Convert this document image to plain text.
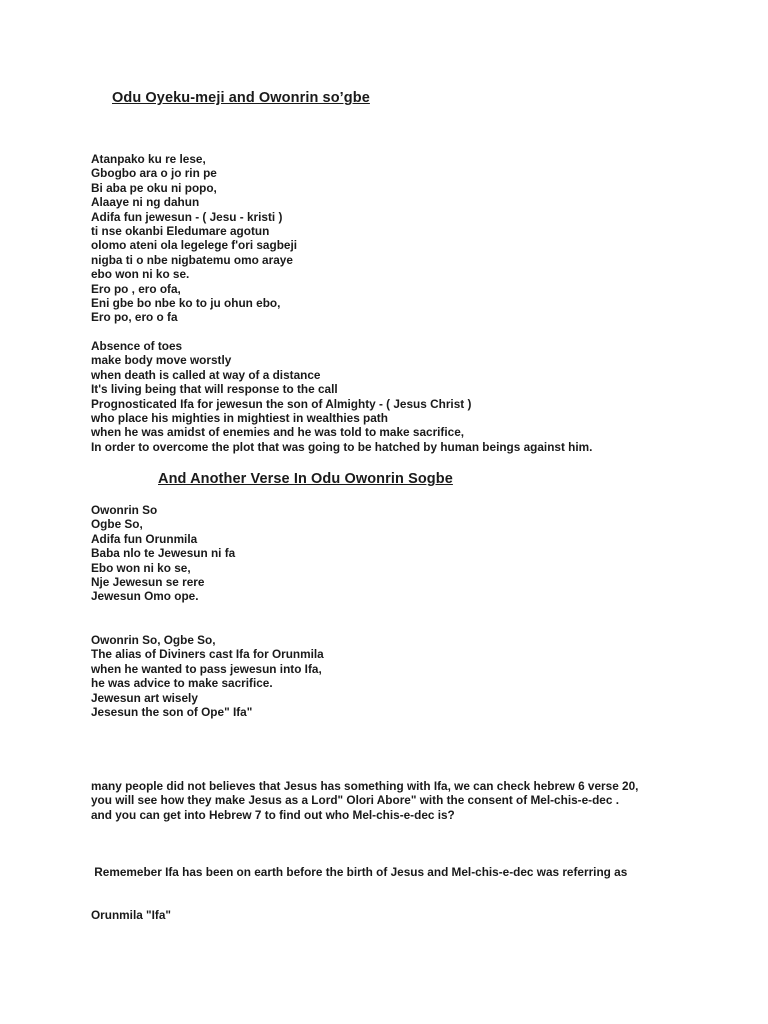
Odu Oyeku-meji and Owonrin so’gbe
Atanpako ku re lese,
Gbogbo ara o jo rin pe
Bi aba pe oku ni popo,
Alaaye ni ng dahun
Adifa fun jewesun - ( Jesu - kristi )
ti nse okanbi Eledumare agotun
olomo ateni ola legelege f'ori sagbeji
nigba ti o nbe nigbatemu omo araye
ebo won ni ko se.
Ero po , ero ofa,
Eni gbe bo nbe ko to ju ohun ebo,
Ero po, ero o fa
Absence of toes
make body move worstly
when death is called at way of a distance
It's living being that will response to the call
Prognosticated Ifa for jewesun the son of Almighty - ( Jesus Christ )
who place his mighties in mightiest in wealthies path
when he was amidst of enemies and he was told to make sacrifice,
In order to overcome the plot that was going to be hatched by human beings against him.
And Another Verse In Odu Owonrin Sogbe
Owonrin So
Ogbe So,
Adifa fun Orunmila
Baba nlo te Jewesun ni fa
Ebo won ni ko se,
Nje Jewesun se rere
Jewesun Omo ope.
Owonrin So, Ogbe So,
The alias of Diviners cast Ifa for Orunmila
when he wanted to pass jewesun into Ifa,
he was advice to make sacrifice.
Jewesun art wisely
Jesesun the son of Ope" Ifa"
many people did not believes that Jesus has something with Ifa, we can check hebrew 6 verse 20,
you will see how they make Jesus as a Lord" Olori Abore" with the consent of Mel-chis-e-dec .
and you can get into Hebrew 7 to find out who Mel-chis-e-dec is?

Rememeber Ifa has been on earth before the birth of Jesus and Mel-chis-e-dec was referring as

Orunmila "Ifa"
